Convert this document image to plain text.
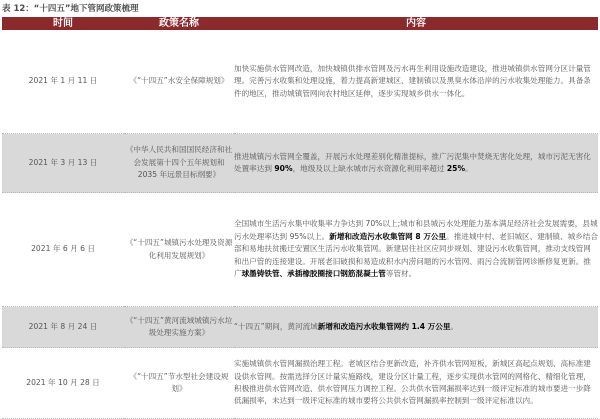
表 12：“十四五”地下管网政策梳理
时间	政策名称	内容
2021 年 1 月 11 日	《“十四五”水安全保障规划》	加快实施供水管网改造，加快城镇供排水管网及污水再生利用设施改造建设，推进城镇供水管网分区计量管理。完善污水收集和处理设施，着力提高新建城区、建制镇以及黑臭水体沿岸的污水收集处理能力。具备条件的地区，推动城镇管网向农村地区延伸，逐步实现城乡供水一体化。
2021 年 3 月 13 日	《中华人民共和国国民经济和社会发展第十四个五年规划和 2035 年远景目标纲要》	推进城镇污水管网全覆盖，开展污水处理差别化精准提标，推广污泥集中焚烧无害化处理，城市污泥无害化处置率达到 90%，地级及以上缺水城市污水资源化利用率超过 25%。
2021 年 6 月 6 日	《“十四五”城镇污水处理及资源化利用发展规划》	全国城市生活污水集中收集率力争达到 70%以上;城市和县城污水处理能力基本满足经济社会发展需要，县城污水处理率达到 95%以上。新增和改造污水收集管网 8 万公里。推进城中村、老旧城区、建制镇、城乡结合部和易地扶贫搬迁安置区生活污水收集管网。新建居住社区应同步规划、建设污水收集管网，推动支线管网和出户管的连接建设。开展老旧破损和易造成积水内涝问题的污水管网、雨污合流制管网诊断修复更新。推广球墨铸铁管、承插橡胶圈接口钢筋混凝土管等管材。
2021 年 8 月 24 日	《“十四五”黄河流域城镇污水垃圾处理实施方案》	“十四五”期间，黄河流域新增和改造污水收集管网约 1.4 万公里。
2021 年 10 月 28 日	《“十四五”节水型社会建设规划》	实施城镇供水管网漏损治理工程。老城区结合更新改造，补齐供水管网短板，新城区高起点规划、高标准建设供水管网。按需选择分区计量实施路线，建设分区计量工程，逐步实现供水管网的网格化、精细化管理，积极推进供水管网改造、供水管网压力调控工程。公共供水管网漏损率达到一级评定标准的城市要进一步降低漏损率，未达到一级评定标准的城市要将公共供水管网漏损率控制到一级评定标准以内。
